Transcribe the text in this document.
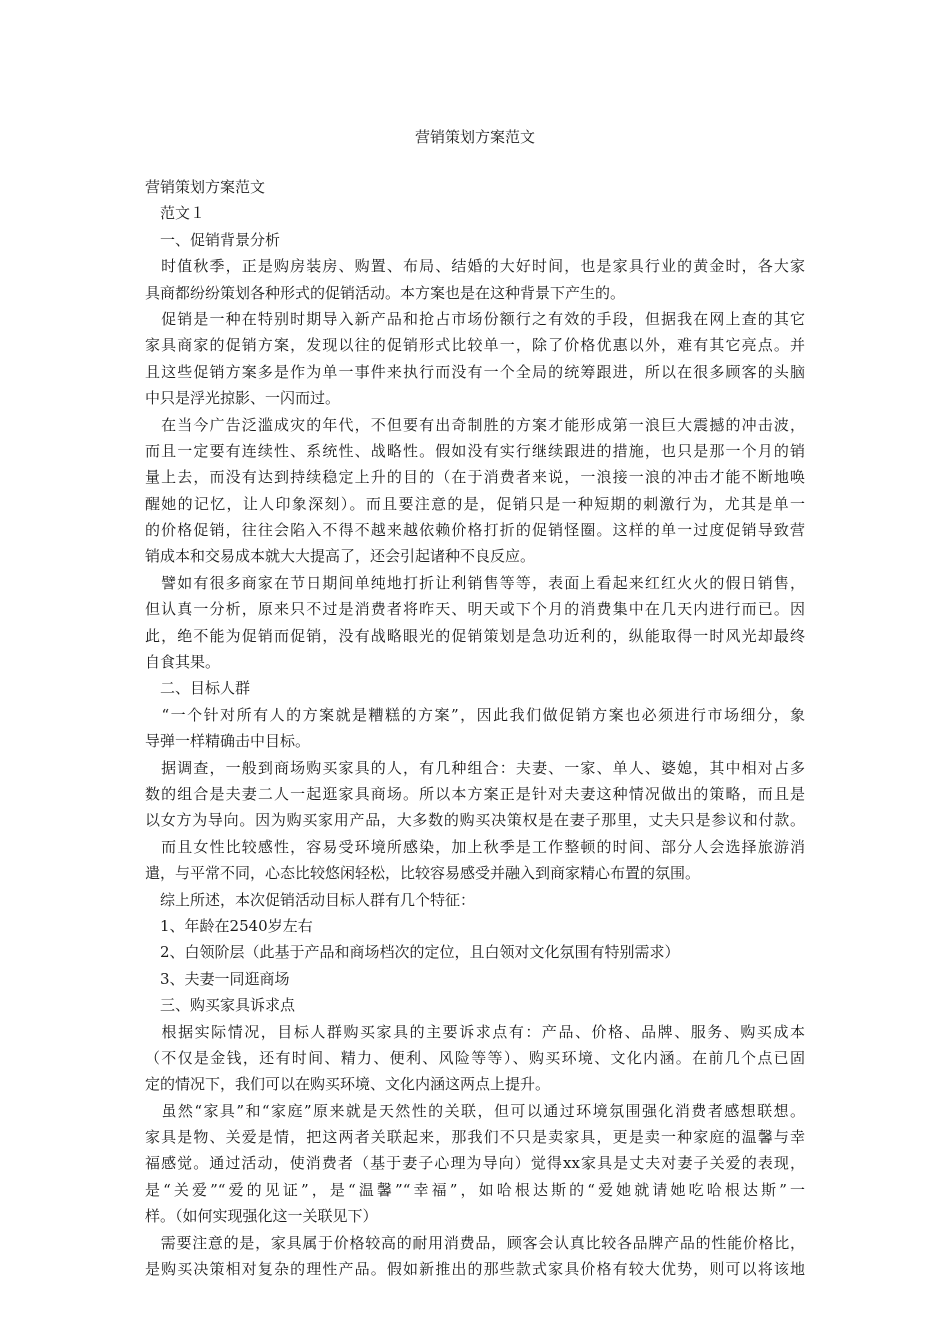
营销策划方案范文

营销策划方案范文

　范文１

　一、促销背景分析

　时值秋季，正是购房装房、购置、布局、结婚的大好时间，也是家具行业的黄金时，各大家

具商都纷纷策划各种形式的促销活动。本方案也是在这种背景下产生的。

　促销是一种在特别时期导入新产品和抢占市场份额行之有效的手段，但据我在网上查的其它

家具商家的促销方案，发现以往的促销形式比较单一，除了价格优惠以外，难有其它亮点。并

且这些促销方案多是作为单一事件来执行而没有一个全局的统筹跟进，所以在很多顾客的头脑

中只是浮光掠影、一闪而过。

　在当今广告泛滥成灾的年代，不但要有出奇制胜的方案才能形成第一浪巨大震撼的冲击波，

而且一定要有连续性、系统性、战略性。假如没有实行继续跟进的措施，也只是那一个月的销

量上去，而没有达到持续稳定上升的目的（在于消费者来说，一浪接一浪的冲击才能不断地唤

醒她的记忆，让人印象深刻）。而且要注意的是，促销只是一种短期的刺激行为，尤其是单一

的价格促销，往往会陷入不得不越来越依赖价格打折的促销怪圈。这样的单一过度促销导致营

销成本和交易成本就大大提高了，还会引起诸种不良反应。

　譬如有很多商家在节日期间单纯地打折让利销售等等，表面上看起来红红火火的假日销售，

但认真一分析，原来只不过是消费者将昨天、明天或下个月的消费集中在几天内进行而已。因

此，绝不能为促销而促销，没有战略眼光的促销策划是急功近利的，纵能取得一时风光却最终

自食其果。

　二、目标人群

　“一个针对所有人的方案就是糟糕的方案”，因此我们做促销方案也必须进行市场细分，象

导弹一样精确击中目标。

　据调查，一般到商场购买家具的人，有几种组合：夫妻、一家、单人、婆媳，其中相对占多

数的组合是夫妻二人一起逛家具商场。所以本方案正是针对夫妻这种情况做出的策略，而且是

以女方为导向。因为购买家用产品，大多数的购买决策权是在妻子那里，丈夫只是参议和付款。

　而且女性比较感性，容易受环境所感染，加上秋季是工作整顿的时间、部分人会选择旅游消

遣，与平常不同，心态比较悠闲轻松，比较容易感受并融入到商家精心布置的氛围。

　综上所述，本次促销活动目标人群有几个特征：

　1、年龄在2540岁左右

　2、白领阶层（此基于产品和商场档次的定位，且白领对文化氛围有特别需求）

　3、夫妻一同逛商场

　三、购买家具诉求点

　根据实际情况，目标人群购买家具的主要诉求点有：产品、价格、品牌、服务、购买成本

（不仅是金钱，还有时间、精力、便利、风险等等）、购买环境、文化内涵。在前几个点已固

定的情况下，我们可以在购买环境、文化内涵这两点上提升。

　虽然“家具”和“家庭”原来就是天然性的关联，但可以通过环境氛围强化消费者感想联想。

家具是物、关爱是情，把这两者关联起来，那我们不只是卖家具，更是卖一种家庭的温馨与幸

福感觉。通过活动，使消费者（基于妻子心理为导向）觉得xx家具是丈夫对妻子关爱的表现，

是“关爱”“爱的见证”，是“温馨”“幸福”，如哈根达斯的“爱她就请她吃哈根达斯”一

样。（如何实现强化这一关联见下）

　需要注意的是，家具属于价格较高的耐用消费品，顾客会认真比较各品牌产品的性能价格比，

是购买决策相对复杂的理性产品。假如新推出的那些款式家具价格有较大优势，则可以将该地
